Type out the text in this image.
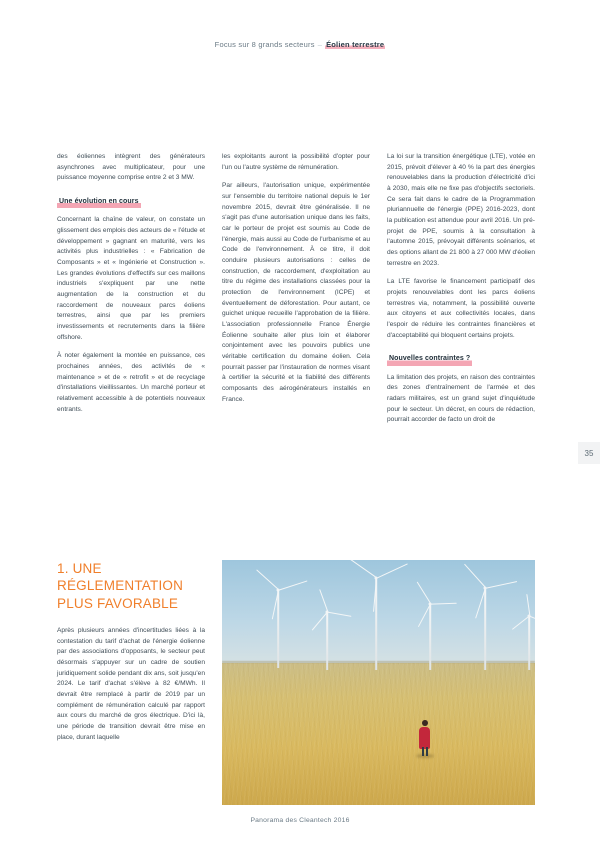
Focus sur 8 grands secteurs – Éolien terrestre
35

des éoliennes intègrent des générateurs asynchrones avec multiplicateur, pour une puissance moyenne comprise entre 2 et 3 MW.

Une évolution en cours

Concernant la chaîne de valeur, on constate un glissement des emplois des acteurs de « l'étude et développement » gagnant en maturité, vers les activités plus industrielles : « Fabrication de Composants » et « Ingénierie et Construction ». Les grandes évolutions d'effectifs sur ces maillons industriels s'expliquent par une nette augmentation de la construction et du raccordement de nouveaux parcs éoliens terrestres, ainsi que par les premiers investissements et recrutements dans la filière offshore.

À noter également la montée en puissance, ces prochaines années, des activités de « maintenance » et de « retrofit » et de recyclage d'installations vieillissantes. Un marché porteur et relativement accessible à de potentiels nouveaux entrants.

les exploitants auront la possibilité d'opter pour l'un ou l'autre système de rémunération.

Par ailleurs, l'autorisation unique, expérimentée sur l'ensemble du territoire national depuis le 1er novembre 2015, devrait être généralisée. Il ne s'agit pas d'une autorisation unique dans les faits, car le porteur de projet est soumis au Code de l'énergie, mais aussi au Code de l'urbanisme et au Code de l'environnement. À ce titre, il doit conduire plusieurs autorisations : celles de construction, de raccordement, d'exploitation au titre du régime des installations classées pour la protection de l'environnement (ICPE) et éventuellement de déforestation. Pour autant, ce guichet unique recueille l'approbation de la filière. L'association professionnelle France Énergie Éolienne souhaite aller plus loin et élaborer conjointement avec les pouvoirs publics une véritable certification du domaine éolien. Cela pourrait passer par l'instauration de normes visant à certifier la sécurité et la fiabilité des différents composants des aérogénérateurs installés en France.

La loi sur la transition énergétique (LTE), votée en 2015, prévoit d'élever à 40 % la part des énergies renouvelables dans la production d'électricité d'ici à 2030, mais elle ne fixe pas d'objectifs sectoriels. Ce sera fait dans le cadre de la Programmation pluriannuelle de l'énergie (PPE) 2016-2023, dont la publication est attendue pour avril 2016. Un pré-projet de PPE, soumis à la consultation à l'automne 2015, prévoyait différents scénarios, et des options allant de 21 800 à 27 000 MW d'éolien terrestre en 2023.

La LTE favorise le financement participatif des projets renouvelables dont les parcs éoliens terrestres via, notamment, la possibilité ouverte aux citoyens et aux collectivités locales, dans l'espoir de réduire les contraintes financières et d'acceptabilité qui bloquent certains projets.

Nouvelles contraintes ?

La limitation des projets, en raison des contraintes des zones d'entraînement de l'armée et des radars militaires, est un grand sujet d'inquiétude pour le secteur. Un décret, en cours de rédaction, pourrait accorder de facto un droit de

1. UNE RÉGLEMENTATION PLUS FAVORABLE

Après plusieurs années d'incertitudes liées à la contestation du tarif d'achat de l'énergie éolienne par des associations d'opposants, le secteur peut désormais s'appuyer sur un cadre de soutien juridiquement solide pendant dix ans, soit jusqu'en 2024. Le tarif d'achat s'élève à 82 €/MWh. Il devrait être remplacé à partir de 2019 par un complément de rémunération calculé par rapport aux cours du marché de gros électrique. D'ici là, une période de transition devrait être mise en place, durant laquelle

Panorama des Cleantech 2016
